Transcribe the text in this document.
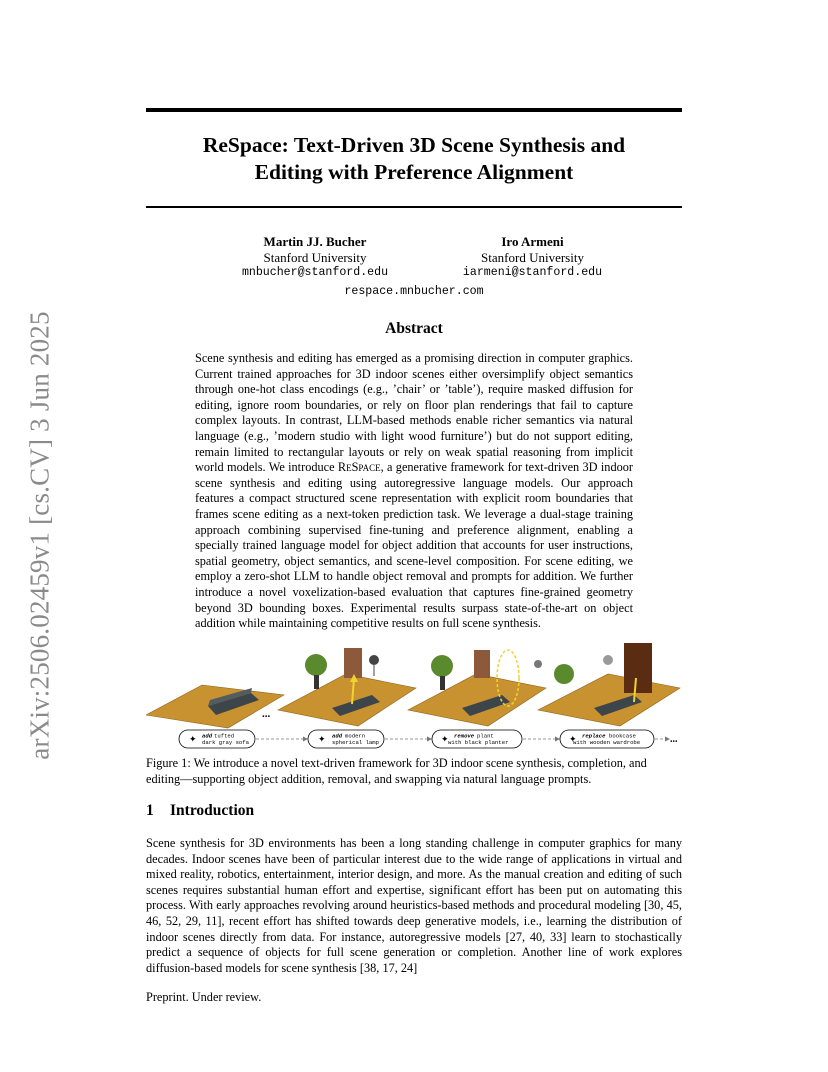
arXiv:2506.02459v1 [cs.CV] 3 Jun 2025
ReSpace: Text-Driven 3D Scene Synthesis and
Editing with Preference Alignment
Martin JJ. Bucher
Stanford University
mnbucher@stanford.edu
Iro Armeni
Stanford University
iarmeni@stanford.edu
respace.mnbucher.com
Abstract
Scene synthesis and editing has emerged as a promising direction in computer graphics. Current trained approaches for 3D indoor scenes either oversimplify object semantics through one-hot class encodings (e.g., ’chair’ or ’table’), require masked diffusion for editing, ignore room boundaries, or rely on floor plan renderings that fail to capture complex layouts. In contrast, LLM-based methods enable richer semantics via natural language (e.g., ’modern studio with light wood furniture’) but do not support editing, remain limited to rectangular layouts or rely on weak spatial reasoning from implicit world models. We introduce ReSpace, a generative framework for text-driven 3D indoor scene synthesis and editing using autoregressive language models. Our approach features a compact structured scene representation with explicit room boundaries that frames scene editing as a next-token prediction task. We leverage a dual-stage training approach combining supervised fine-tuning and preference alignment, enabling a specially trained language model for object addition that accounts for user instructions, spatial geometry, object semantics, and scene-level composition. For scene editing, we employ a zero-shot LLM to handle object removal and prompts for addition. We further introduce a novel voxelization-based evaluation that captures fine-grained geometry beyond 3D bounding boxes. Experimental results surpass state-of-the-art on object addition while maintaining competitive results on full scene synthesis.
...
✦ add tufted
dark gray sofa	✦ add modern
spherical lamp	✦ remove plant
with black planter	✦ replace bookcase
with wooden wardrobe	...
Figure 1: We introduce a novel text-driven framework for 3D indoor scene synthesis, completion, and editing—supporting object addition, removal, and swapping via natural language prompts.
1 Introduction
Scene synthesis for 3D environments has been a long standing challenge in computer graphics for many decades. Indoor scenes have been of particular interest due to the wide range of applications in virtual and mixed reality, robotics, entertainment, interior design, and more. As the manual creation and editing of such scenes requires substantial human effort and expertise, significant effort has been put on automating this process. With early approaches revolving around heuristics-based methods and procedural modeling [30, 45, 46, 52, 29, 11], recent effort has shifted towards deep generative models, i.e., learning the distribution of indoor scenes directly from data. For instance, autoregressive models [27, 40, 33] learn to stochastically predict a sequence of objects for full scene generation or completion. Another line of work explores diffusion-based models for scene synthesis [38, 17, 24]
Preprint. Under review.
